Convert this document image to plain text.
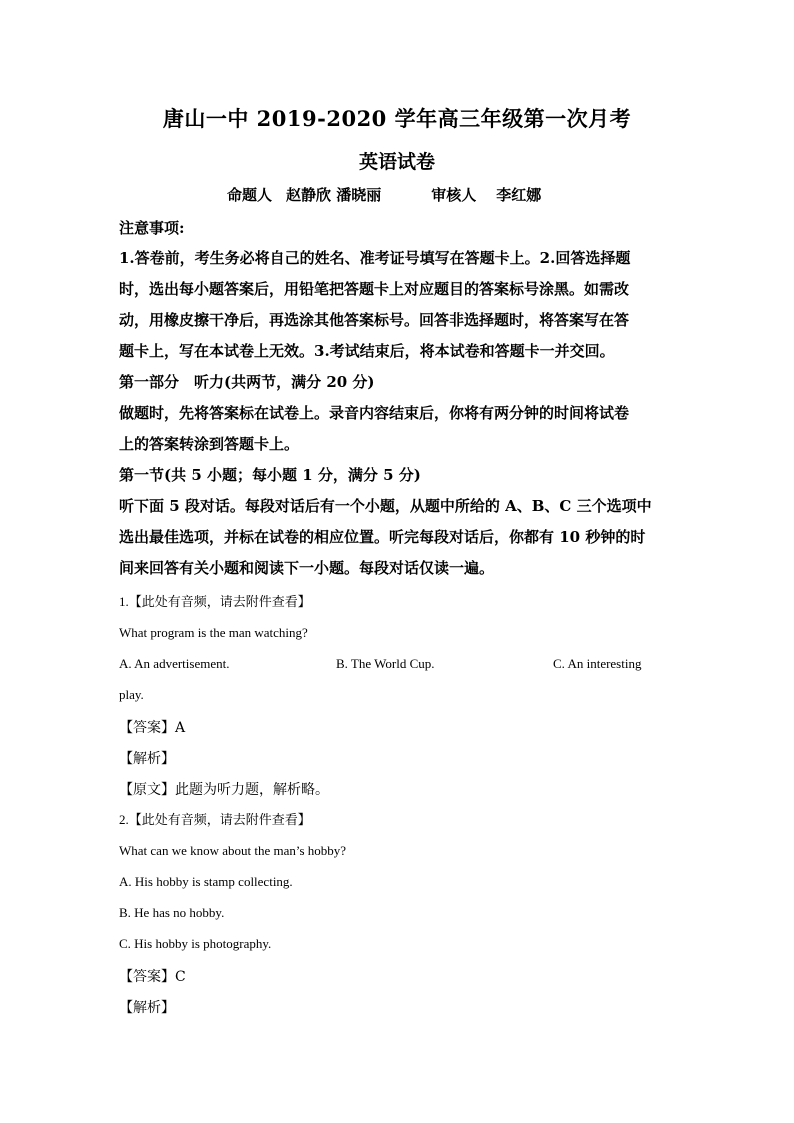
唐山一中 2019-2020 学年高三年级第一次月考
英语试卷
命题人 赵静欣 潘晓丽	审核人 李红娜
注意事项:
1.答卷前，考生务必将自己的姓名、准考证号填写在答题卡上。2.回答选择题
时，选出每小题答案后，用铅笔把答题卡上对应题目的答案标号涂黑。如需改
动，用橡皮擦干净后，再选涂其他答案标号。回答非选择题时，将答案写在答
题卡上，写在本试卷上无效。3.考试结束后，将本试卷和答题卡一并交回。
第一部分　听力(共两节，满分 20 分)
做题时，先将答案标在试卷上。录音内容结束后，你将有两分钟的时间将试卷
上的答案转涂到答题卡上。
第一节(共 5 小题；每小题 1 分，满分 5 分)
听下面 5 段对话。每段对话后有一个小题，从题中所给的 A、B、C 三个选项中
选出最佳选项，并标在试卷的相应位置。听完每段对话后，你都有 10 秒钟的时
间来回答有关小题和阅读下一小题。每段对话仅读一遍。
1.【此处有音频，请去附件查看】
What program is the man watching?
A. An advertisement.	B. The World Cup.	C. An interesting
play.
【答案】A
【解析】
【原文】此题为听力题，解析略。
2.【此处有音频，请去附件查看】
What can we know about the man’s hobby?
A. His hobby is stamp collecting.
B. He has no hobby.
C. His hobby is photography.
【答案】C
【解析】
